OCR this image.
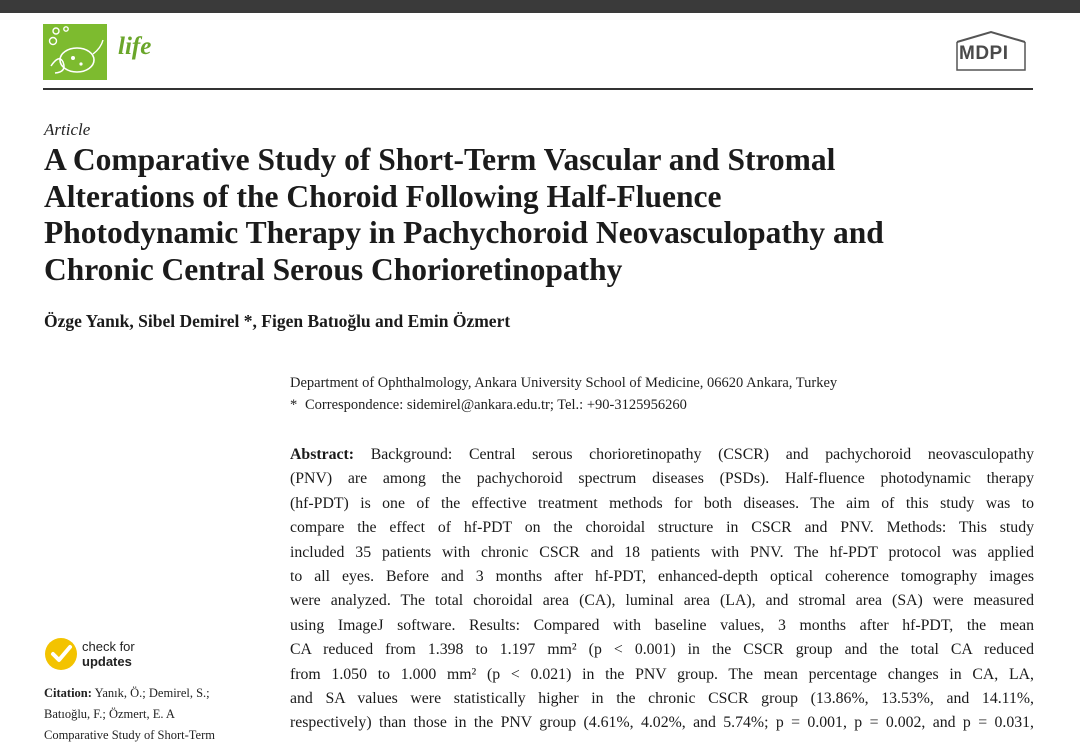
life	MDPI
Article
A Comparative Study of Short-Term Vascular and Stromal
Alterations of the Choroid Following Half-Fluence
Photodynamic Therapy in Pachychoroid Neovasculopathy and
Chronic Central Serous Chorioretinopathy
Özge Yanık, Sibel Demirel *, Figen Batıoğlu and Emin Özmert
Department of Ophthalmology, Ankara University School of Medicine, 06620 Ankara, Turkey
* Correspondence: sidemirel@ankara.edu.tr; Tel.: +90-3125956260
Abstract: Background: Central serous chorioretinopathy (CSCR) and pachychoroid neovasculopathy
(PNV) are among the pachychoroid spectrum diseases (PSDs). Half-fluence photodynamic therapy
(hf-PDT) is one of the effective treatment methods for both diseases. The aim of this study was to
compare the effect of hf-PDT on the choroidal structure in CSCR and PNV. Methods: This study
included 35 patients with chronic CSCR and 18 patients with PNV. The hf-PDT protocol was applied
to all eyes. Before and 3 months after hf-PDT, enhanced-depth optical coherence tomography images
were analyzed. The total choroidal area (CA), luminal area (LA), and stromal area (SA) were measured
using ImageJ software. Results: Compared with baseline values, 3 months after hf-PDT, the mean
CA reduced from 1.398 to 1.197 mm² (p < 0.001) in the CSCR group and the total CA reduced
from 1.050 to 1.000 mm² (p < 0.021) in the PNV group. The mean percentage changes in CA, LA,
and SA values were statistically higher in the chronic CSCR group (13.86%, 13.53%, and 14.11%,
respectively) than those in the PNV group (4.61%, 4.02%, and 5.74%; p = 0.001, p = 0.002, and p = 0.031,
check for
updates
Citation: Yanık, Ö.; Demirel, S.;
Batıoğlu, F.; Özmert, E. A
Comparative Study of Short-Term
